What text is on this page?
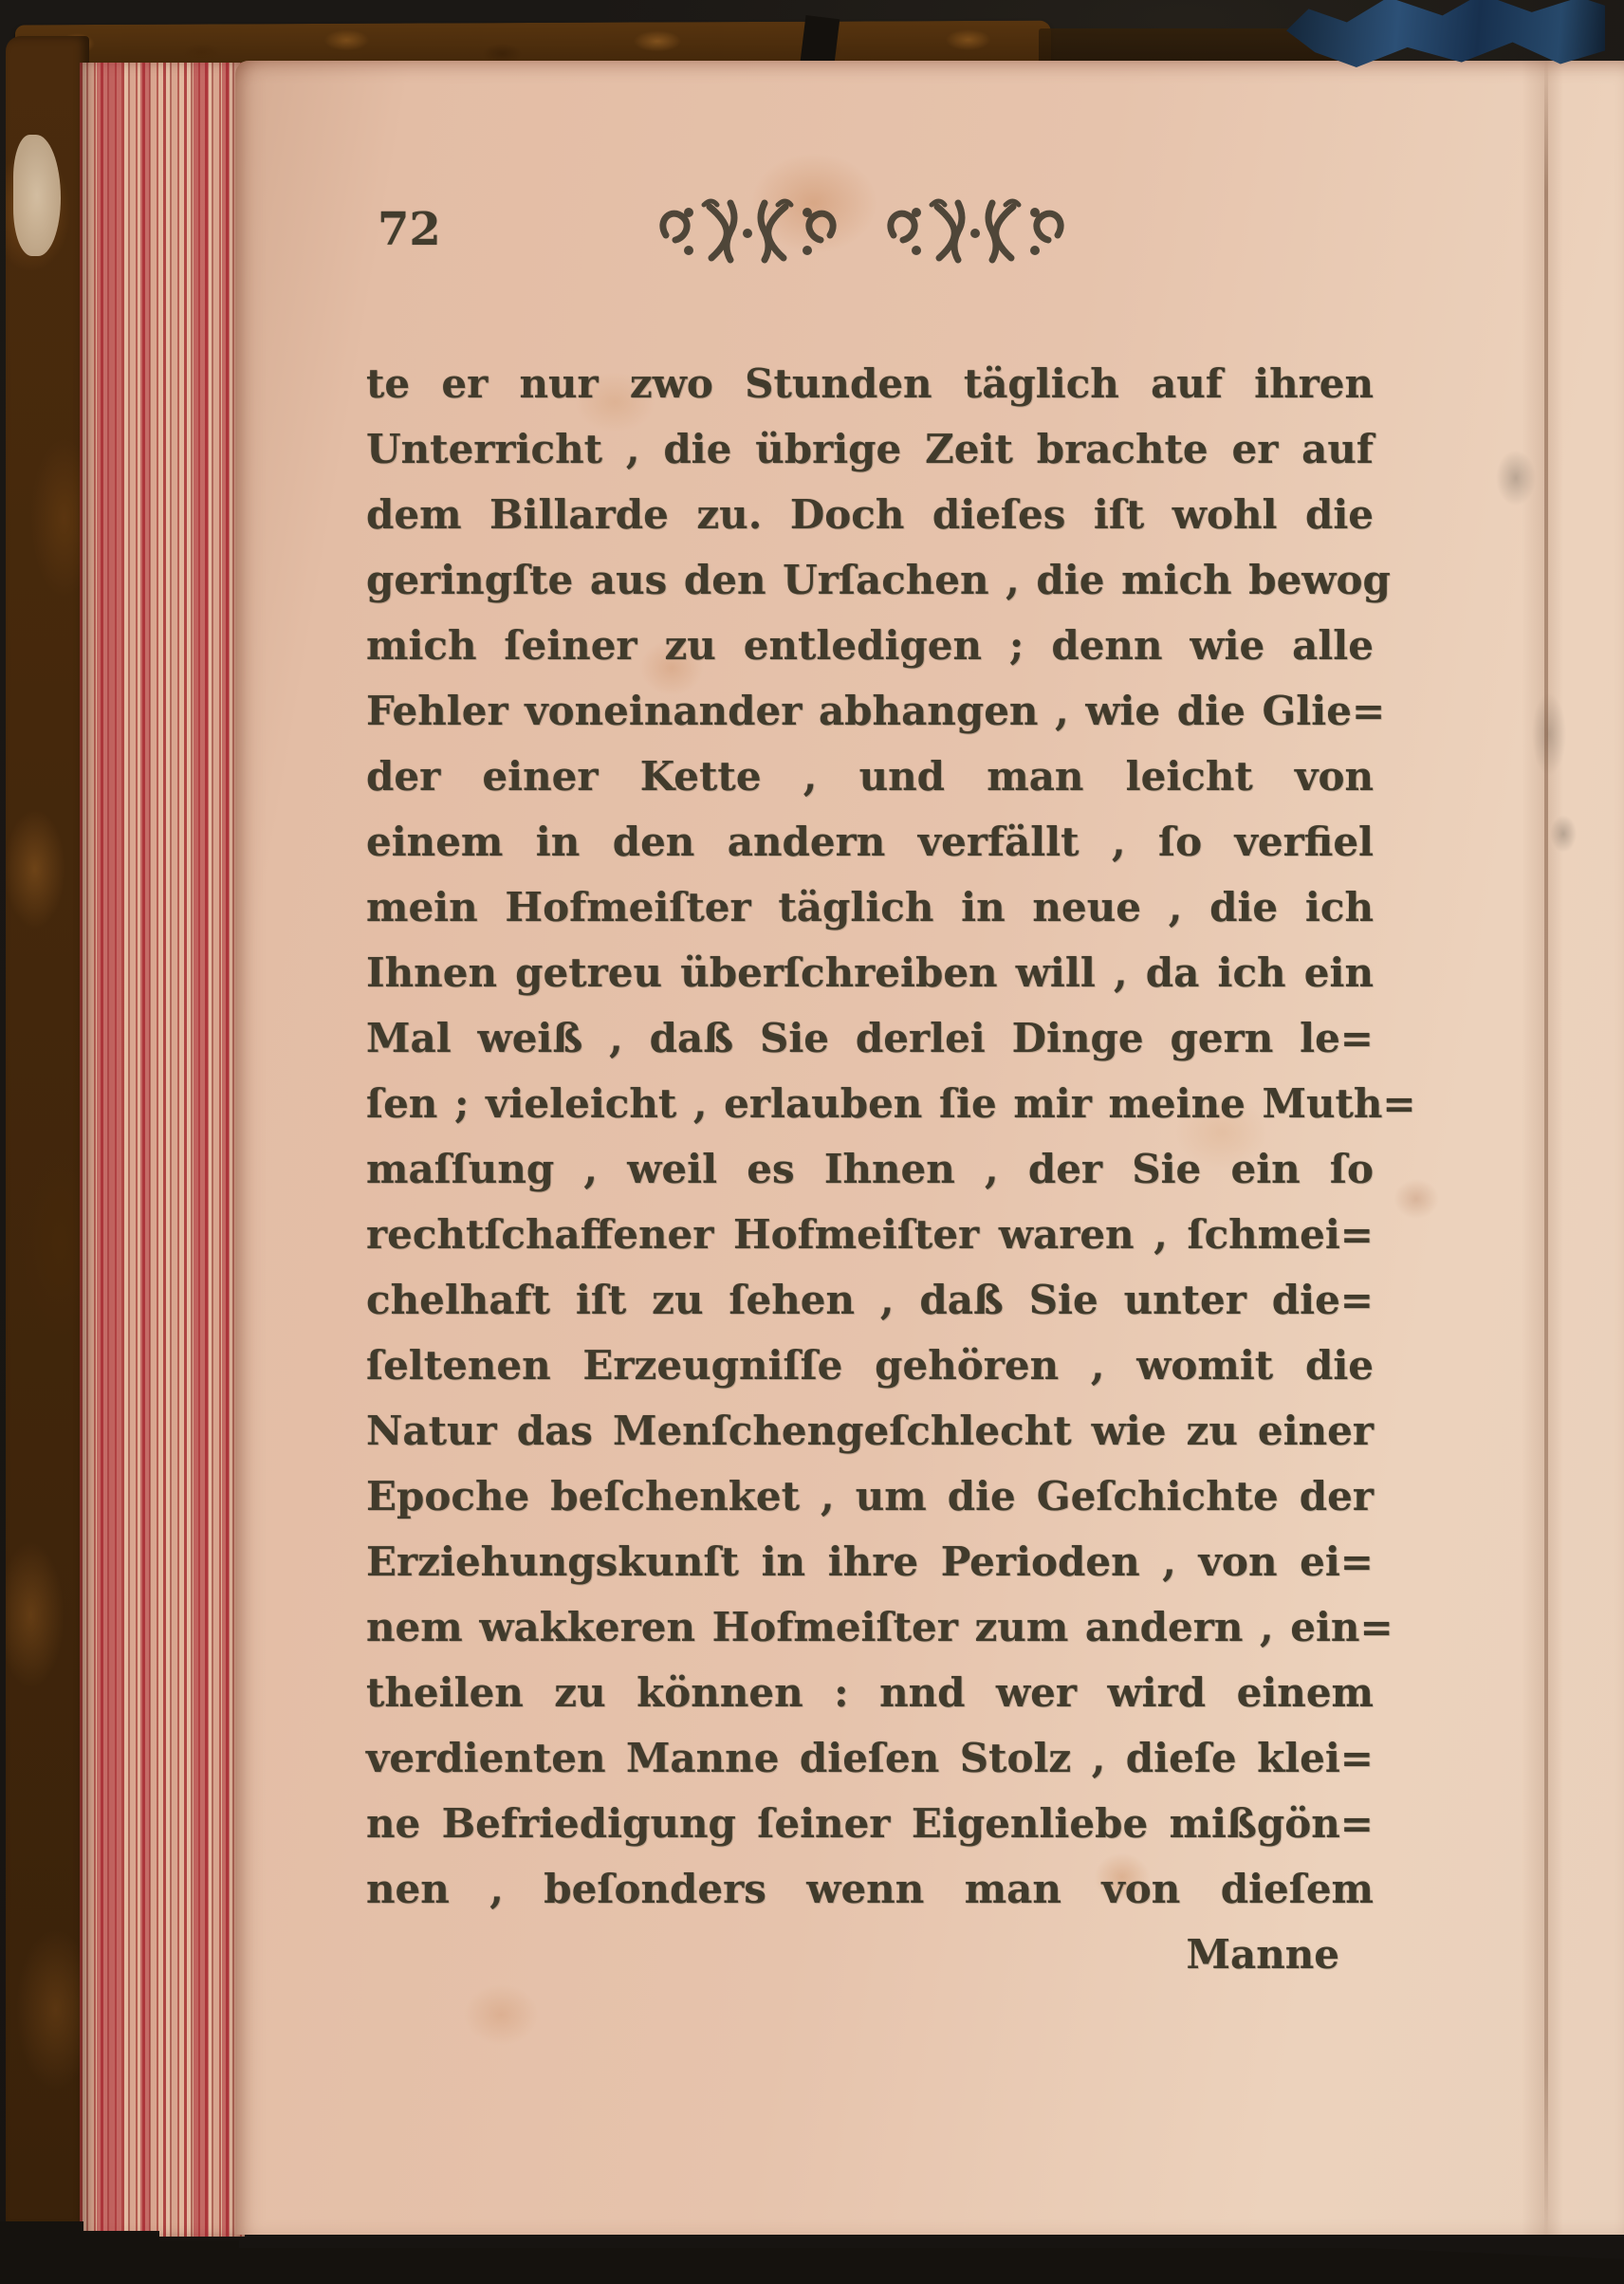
72

te er nur zwo Stunden täglich auf ihren

Unterricht , die übrige Zeit brachte er auf

dem Billarde zu. Doch dieſes iſt wohl die

geringſte aus den Urſachen , die mich bewog

mich ſeiner zu entledigen ; denn wie alle

Fehler voneinander abhangen , wie die Glie=

der einer Kette , und man leicht von

einem in den andern verfällt , ſo verfiel

mein Hofmeiſter täglich in neue , die ich

Ihnen getreu überſchreiben will , da ich ein

Mal weiß , daß Sie derlei Dinge gern le=

ſen ; vieleicht , erlauben ſie mir meine Muth=

maſſung , weil es Ihnen , der Sie ein ſo

rechtſchaffener Hofmeiſter waren , ſchmei=

chelhaft iſt zu ſehen , daß Sie unter die=

ſeltenen Erzeugniſſe gehören , womit die

Natur das Menſchengeſchlecht wie zu einer

Epoche beſchenket , um die Geſchichte der

Erziehungskunſt in ihre Perioden , von ei=

nem wakkeren Hofmeiſter zum andern , ein=

theilen zu können : nnd wer wird einem

verdienten Manne dieſen Stolz , dieſe klei=

ne Befriedigung ſeiner Eigenliebe mißgön=

nen , beſonders wenn man von dieſem

Manne
